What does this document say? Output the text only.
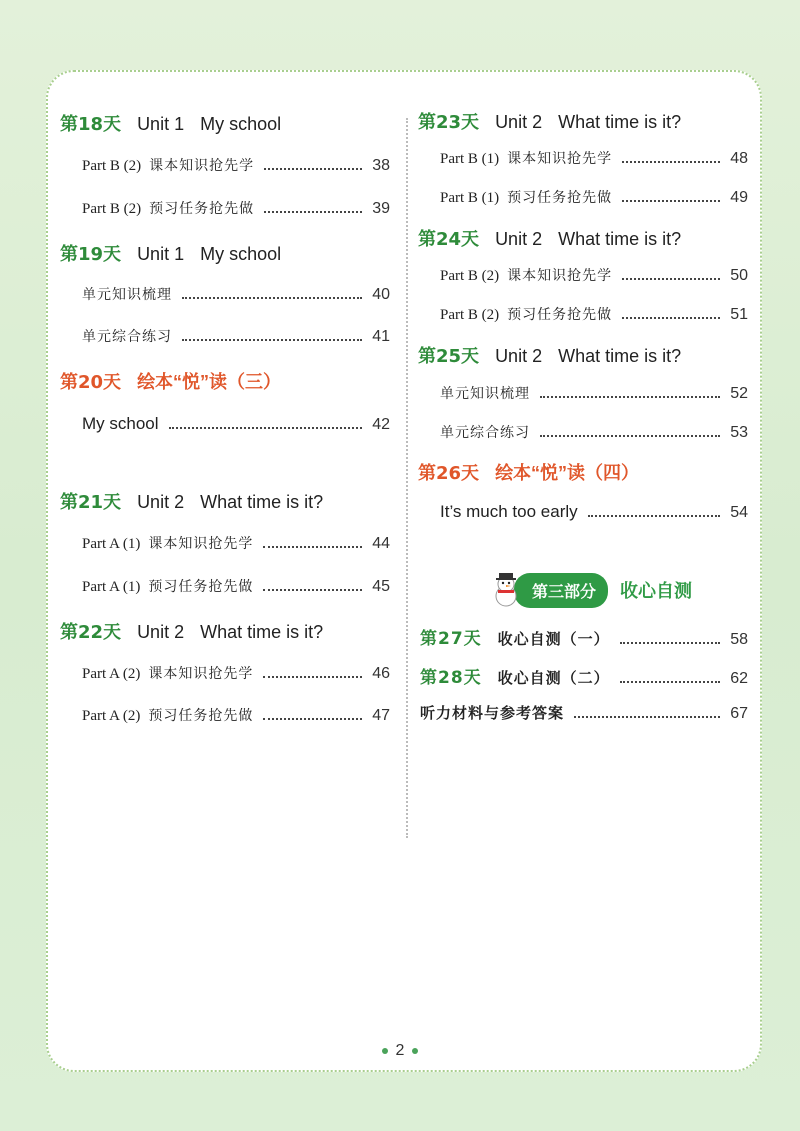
第18天 Unit 1 My school
Part B (2) 课本知识抢先学	38
Part B (2) 预习任务抢先做	39
第19天 Unit 1 My school
单元知识梳理	40
单元综合练习	41
第20天 绘本“悦”读（三）
My school	42
第21天 Unit 2 What time is it?
Part A (1) 课本知识抢先学	44
Part A (1) 预习任务抢先做	45
第22天 Unit 2 What time is it?
Part A (2) 课本知识抢先学	46
Part A (2) 预习任务抢先做	47
第23天 Unit 2 What time is it?
Part B (1) 课本知识抢先学	48
Part B (1) 预习任务抢先做	49
第24天 Unit 2 What time is it?
Part B (2) 课本知识抢先学	50
Part B (2) 预习任务抢先做	51
第25天 Unit 2 What time is it?
单元知识梳理	52
单元综合练习	53
第26天 绘本“悦”读（四）
It’s much too early	54
第三部分	收心自测
第27天 收心自测（一）	58
第28天 收心自测（二）	62
听力材料与参考答案	67
2
